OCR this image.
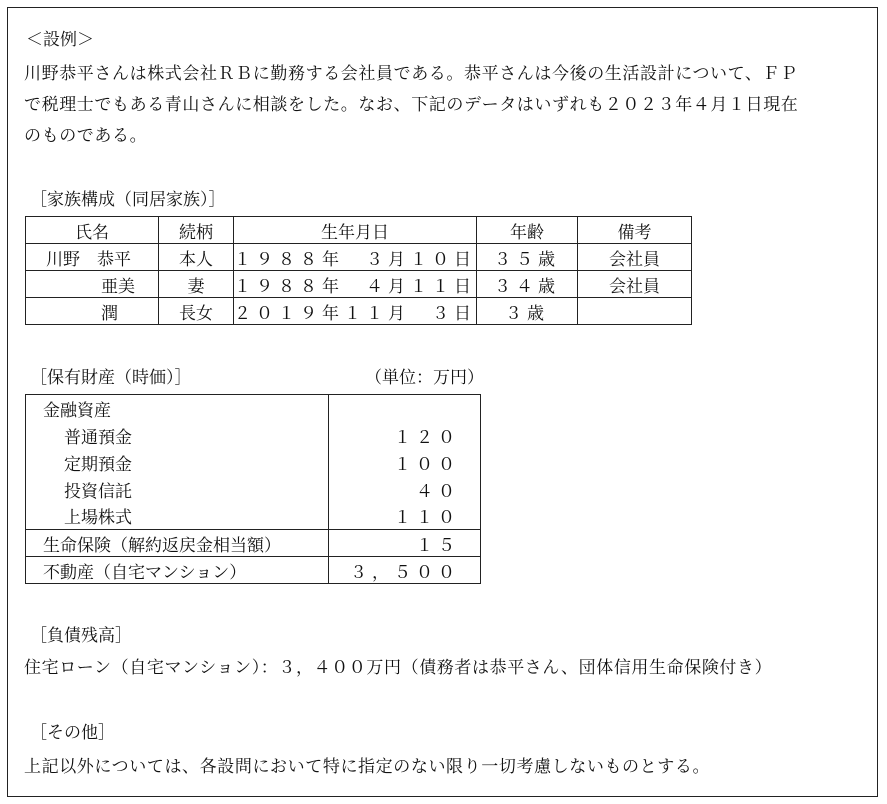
＜設例＞
川野恭平さんは株式会社ＲＢに勤務する会社員である。恭平さんは今後の生活設計について、ＦＰ
で税理士でもある青山さんに相談をした。なお、下記のデータはいずれも２０２３年４月１日現在
のものである。
［家族構成（同居家族）］
氏名	続柄	生年月日	年齢	備考
川野　恭平	本人	１９８８年　３月１０日	３５歳	会社員
亜美	妻	１９８８年　４月１１日	３４歳	会社員
潤	長女	２０１９年１１月　３日	３歳	
［保有財産（時価）］	（単位：万円）
金融資産	
普通預金	１２０
定期預金	１００
投資信託	４０
上場株式	１１０
生命保険（解約返戻金相当額）	１５
不動産（自宅マンション）	３，５００
［負債残高］
住宅ローン（自宅マンション）：３，４００万円（債務者は恭平さん、団体信用生命保険付き）
［その他］
上記以外については、各設問において特に指定のない限り一切考慮しないものとする。
